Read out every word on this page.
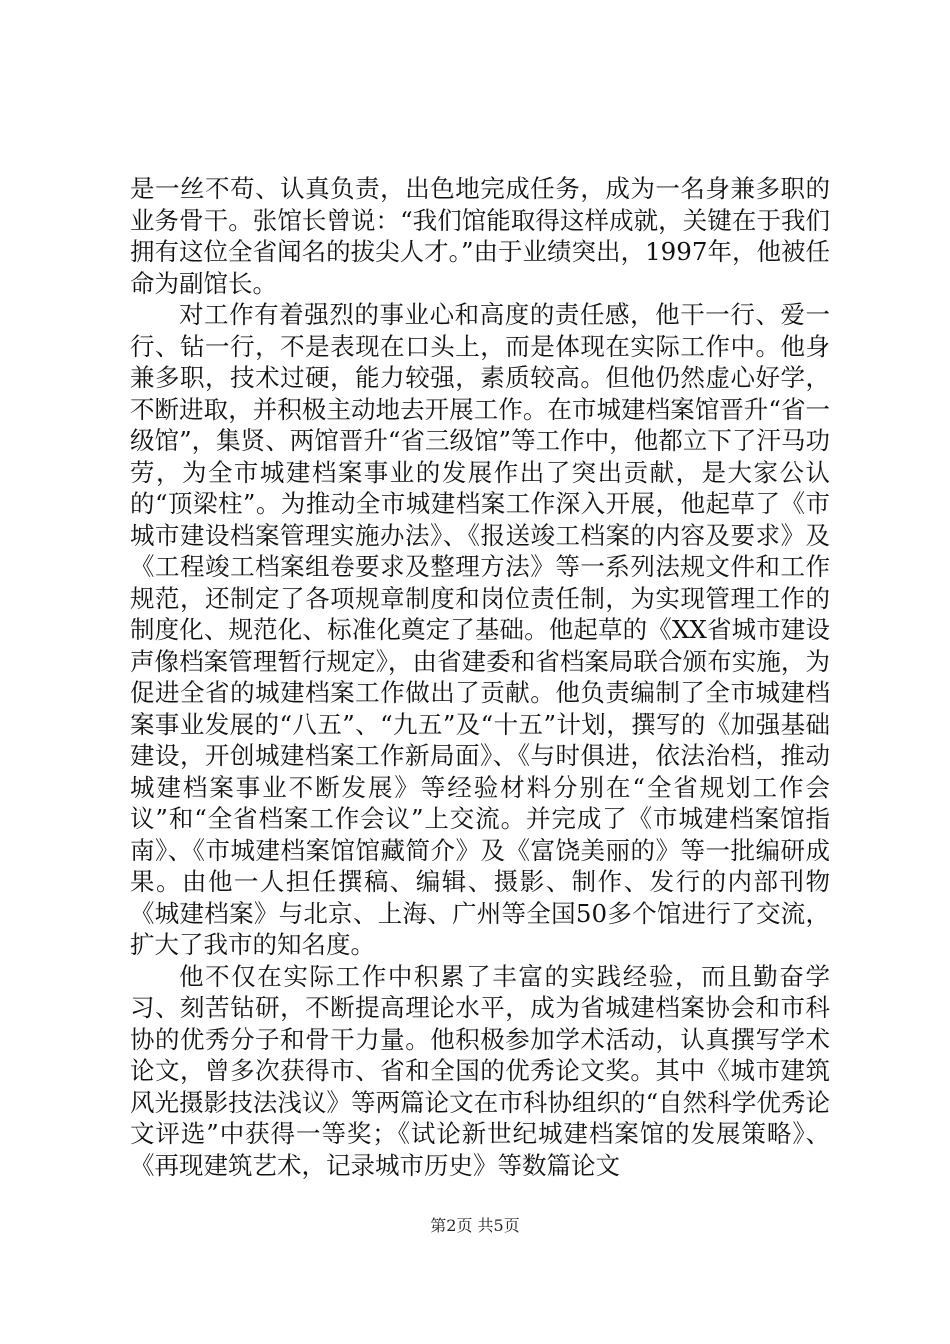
是一丝不苟、认真负责，出色地完成任务，成为一名身兼多职的业务骨干。张馆长曾说：“我们馆能取得这样成就，关键在于我们拥有这位全省闻名的拔尖人才。”由于业绩突出，1997年，他被任命为副馆长。

对工作有着强烈的事业心和高度的责任感，他干一行、爱一行、钻一行，不是表现在口头上，而是体现在实际工作中。他身兼多职，技术过硬，能力较强，素质较高。但他仍然虚心好学，不断进取，并积极主动地去开展工作。在市城建档案馆晋升“省一级馆”，集贤、两馆晋升“省三级馆”等工作中，他都立下了汗马功劳，为全市城建档案事业的发展作出了突出贡献，是大家公认的“顶梁柱”。为推动全市城建档案工作深入开展，他起草了《市城市建设档案管理实施办法》、《报送竣工档案的内容及要求》及《工程竣工档案组卷要求及整理方法》等一系列法规文件和工作规范，还制定了各项规章制度和岗位责任制，为实现管理工作的制度化、规范化、标准化奠定了基础。他起草的《XX省城市建设声像档案管理暂行规定》，由省建委和省档案局联合颁布实施，为促进全省的城建档案工作做出了贡献。他负责编制了全市城建档案事业发展的“八五”、“九五”及“十五”计划，撰写的《加强基础建设，开创城建档案工作新局面》、《与时俱进，依法治档，推动城建档案事业不断发展》等经验材料分别在“全省规划工作会议”和“全省档案工作会议”上交流。并完成了《市城建档案馆指南》、《市城建档案馆馆藏简介》及《富饶美丽的》等一批编研成果。由他一人担任撰稿、编辑、摄影、制作、发行的内部刊物《城建档案》与北京、上海、广州等全国50多个馆进行了交流，扩大了我市的知名度。

他不仅在实际工作中积累了丰富的实践经验，而且勤奋学习、刻苦钻研，不断提高理论水平，成为省城建档案协会和市科协的优秀分子和骨干力量。他积极参加学术活动，认真撰写学术论文，曾多次获得市、省和全国的优秀论文奖。其中《城市建筑风光摄影技法浅议》等两篇论文在市科协组织的“自然科学优秀论文评选”中获得一等奖；《试论新世纪城建档案馆的发展策略》、《再现建筑艺术，记录城市历史》等数篇论文

第2页 共5页
